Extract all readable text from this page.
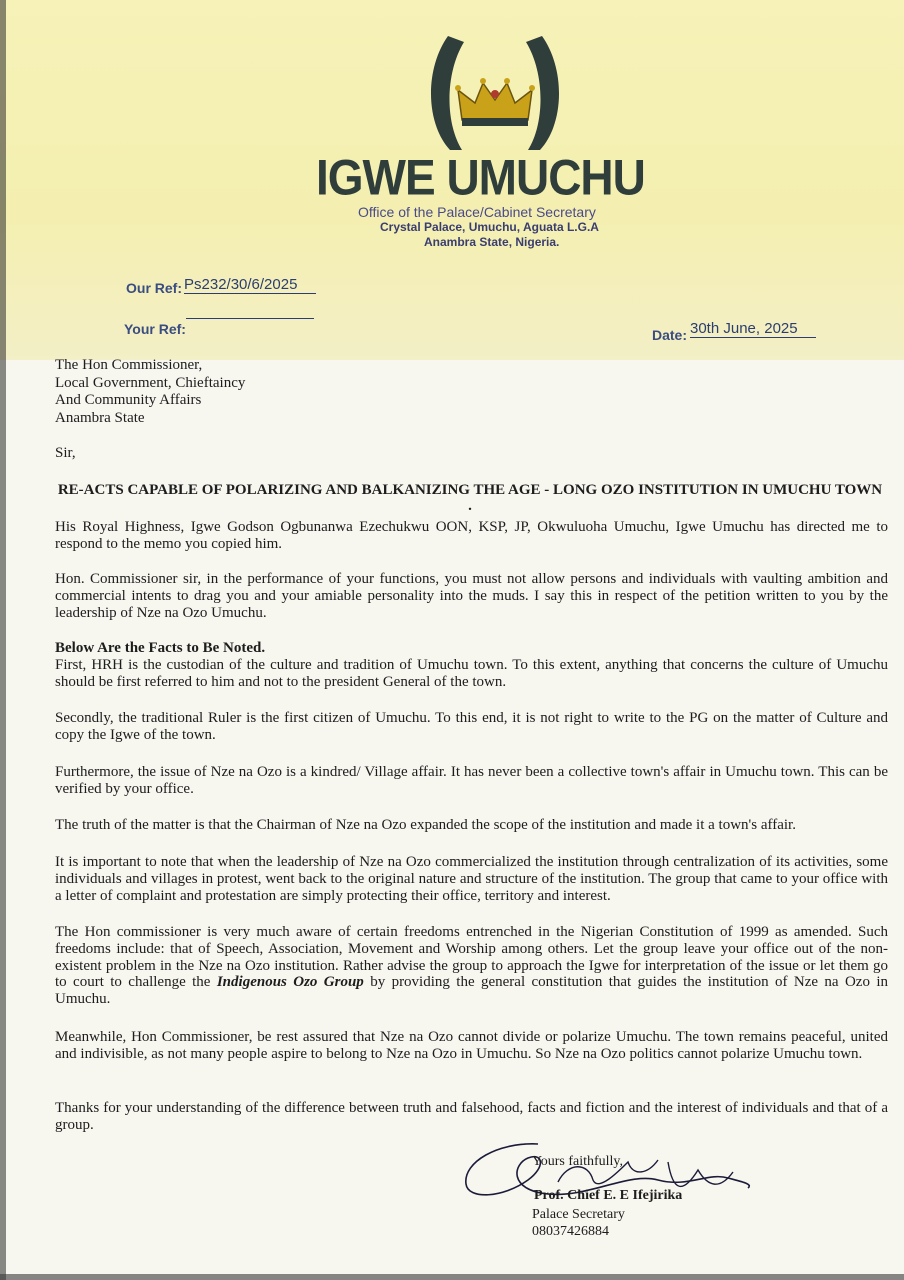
IGWE UMUCHU
Office of the Palace/Cabinet Secretary
Crystal Palace, Umuchu, Aguata L.G.A
Anambra State, Nigeria.
Our Ref: Ps232/30/6/2025
Your Ref:	Date: 30th June, 2025
The Hon Commissioner,
Local Government, Chieftaincy
And Community Affairs
Anambra State
Sir,
RE-ACTS CAPABLE OF POLARIZING AND BALKANIZING THE AGE - LONG OZO INSTITUTION IN UMUCHU TOWN .

His Royal Highness, Igwe Godson Ogbunanwa Ezechukwu OON, KSP, JP, Okwuluoha Umuchu, Igwe Umuchu has directed me to respond to the memo you copied him.

Hon. Commissioner sir, in the performance of your functions, you must not allow persons and individuals with vaulting ambition and commercial intents to drag you and your amiable personality into the muds. I say this in respect of the petition written to you by the leadership of Nze na Ozo Umuchu.

Below Are the Facts to Be Noted.

First, HRH is the custodian of the culture and tradition of Umuchu town. To this extent, anything that concerns the culture of Umuchu should be first referred to him and not to the president General of the town.

Secondly, the traditional Ruler is the first citizen of Umuchu. To this end, it is not right to write to the PG on the matter of Culture and copy the Igwe of the town.

Furthermore, the issue of Nze na Ozo is a kindred/ Village affair. It has never been a collective town's affair in Umuchu town. This can be verified by your office.

The truth of the matter is that the Chairman of Nze na Ozo expanded the scope of the institution and made it a town's affair.

It is important to note that when the leadership of Nze na Ozo commercialized the institution through centralization of its activities, some individuals and villages in protest, went back to the original nature and structure of the institution. The group that came to your office with a letter of complaint and protestation are simply protecting their office, territory and interest.

The Hon commissioner is very much aware of certain freedoms entrenched in the Nigerian Constitution of 1999 as amended. Such freedoms include: that of Speech, Association, Movement and Worship among others. Let the group leave your office out of the non-existent problem in the Nze na Ozo institution. Rather advise the group to approach the Igwe for interpretation of the issue or let them go to court to challenge the Indigenous Ozo Group by providing the general constitution that guides the institution of Nze na Ozo in Umuchu.

Meanwhile, Hon Commissioner, be rest assured that Nze na Ozo cannot divide or polarize Umuchu. The town remains peaceful, united and indivisible, as not many people aspire to belong to Nze na Ozo in Umuchu. So Nze na Ozo politics cannot polarize Umuchu town.

Thanks for your understanding of the difference between truth and falsehood, facts and fiction and the interest of individuals and that of a group.

Yours faithfully,
Prof. Chief E. E Ifejirika
Palace Secretary
08037426884
